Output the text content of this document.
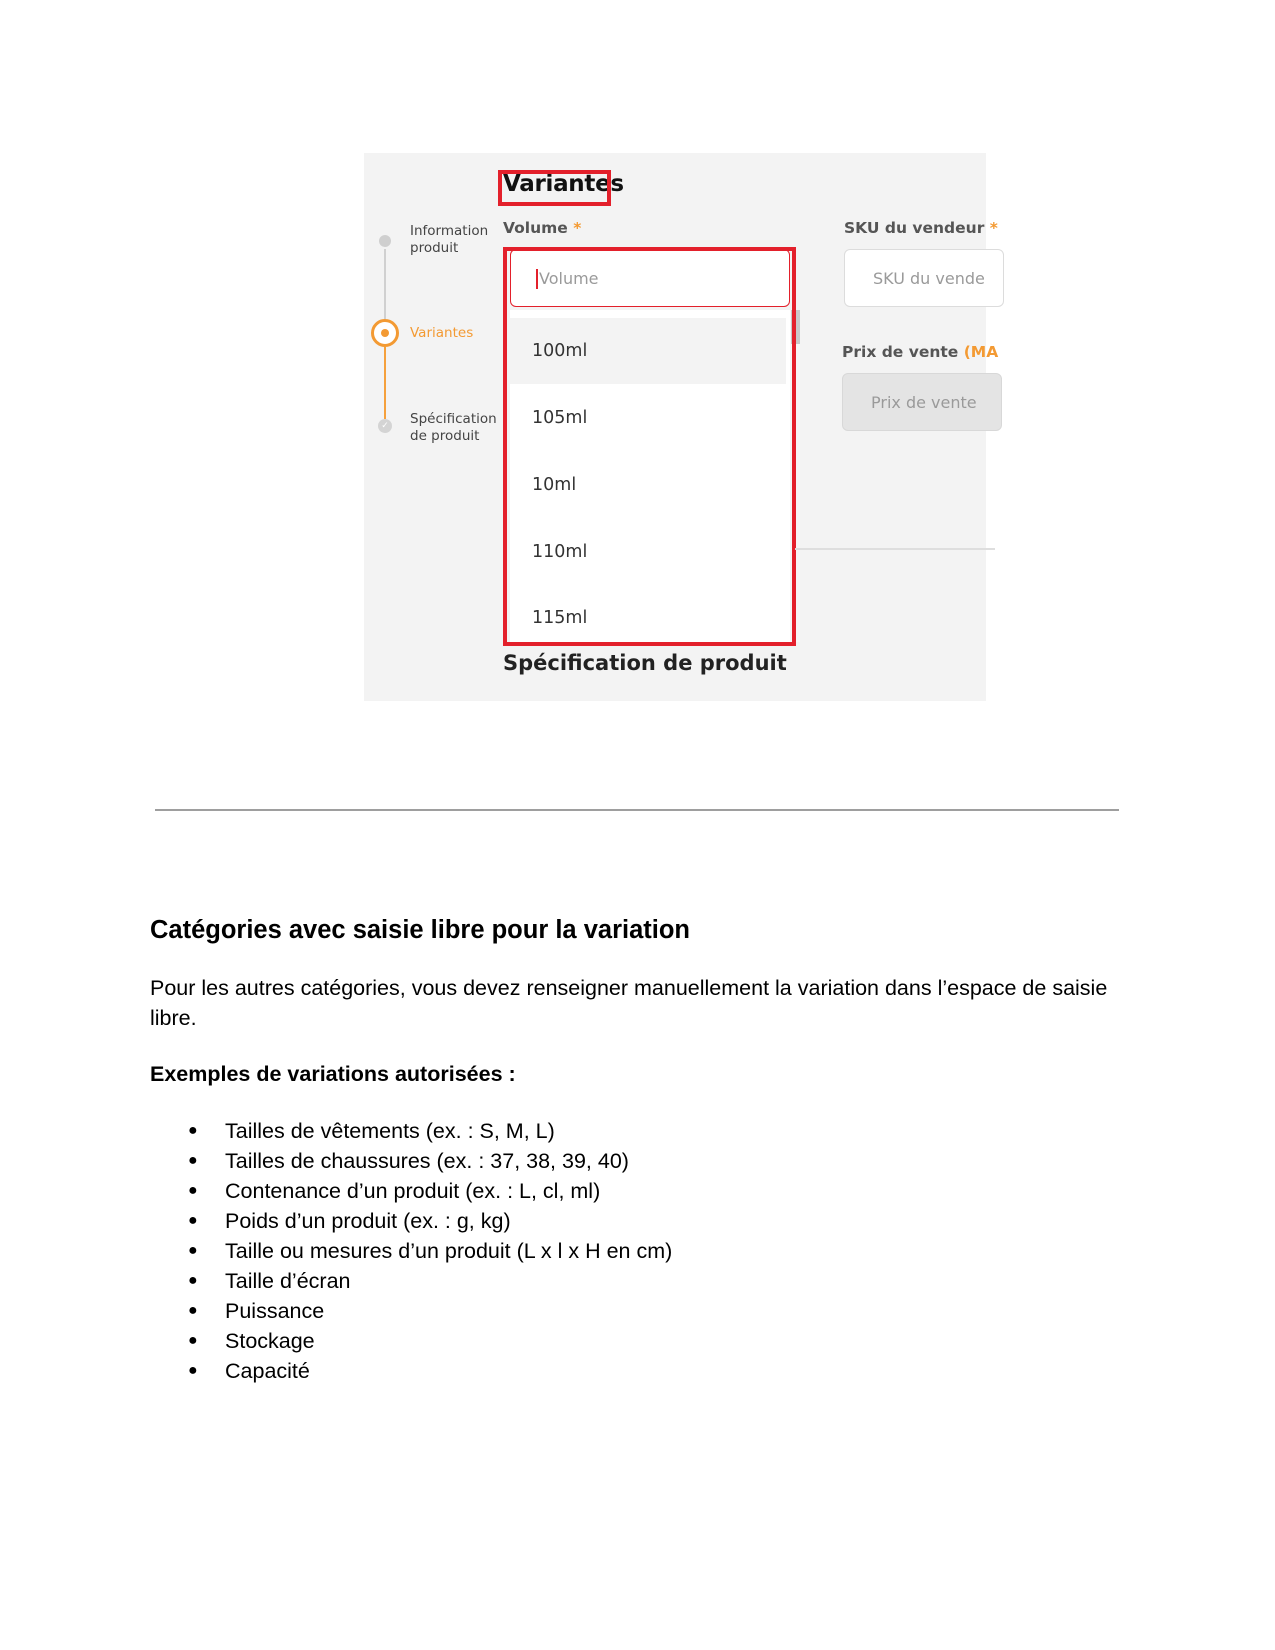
Variantes
Information produit
Variantes
✓ Spécification de produit
Volume *
Volume
100ml
105ml
10ml
110ml
115ml
Spécification de produit
SKU du vendeur *
SKU du vende
Prix de vente (MA
Prix de vente
Catégories avec saisie libre pour la variation

Pour les autres catégories, vous devez renseigner manuellement la variation dans l’espace de saisie libre.

Exemples de variations autorisées :

● Tailles de vêtements (ex. : S, M, L)
● Tailles de chaussures (ex. : 37, 38, 39, 40)
● Contenance d’un produit (ex. : L, cl, ml)
● Poids d’un produit (ex. : g, kg)
● Taille ou mesures d’un produit (L x l x H en cm)
● Taille d’écran
● Puissance
● Stockage
● Capacité
